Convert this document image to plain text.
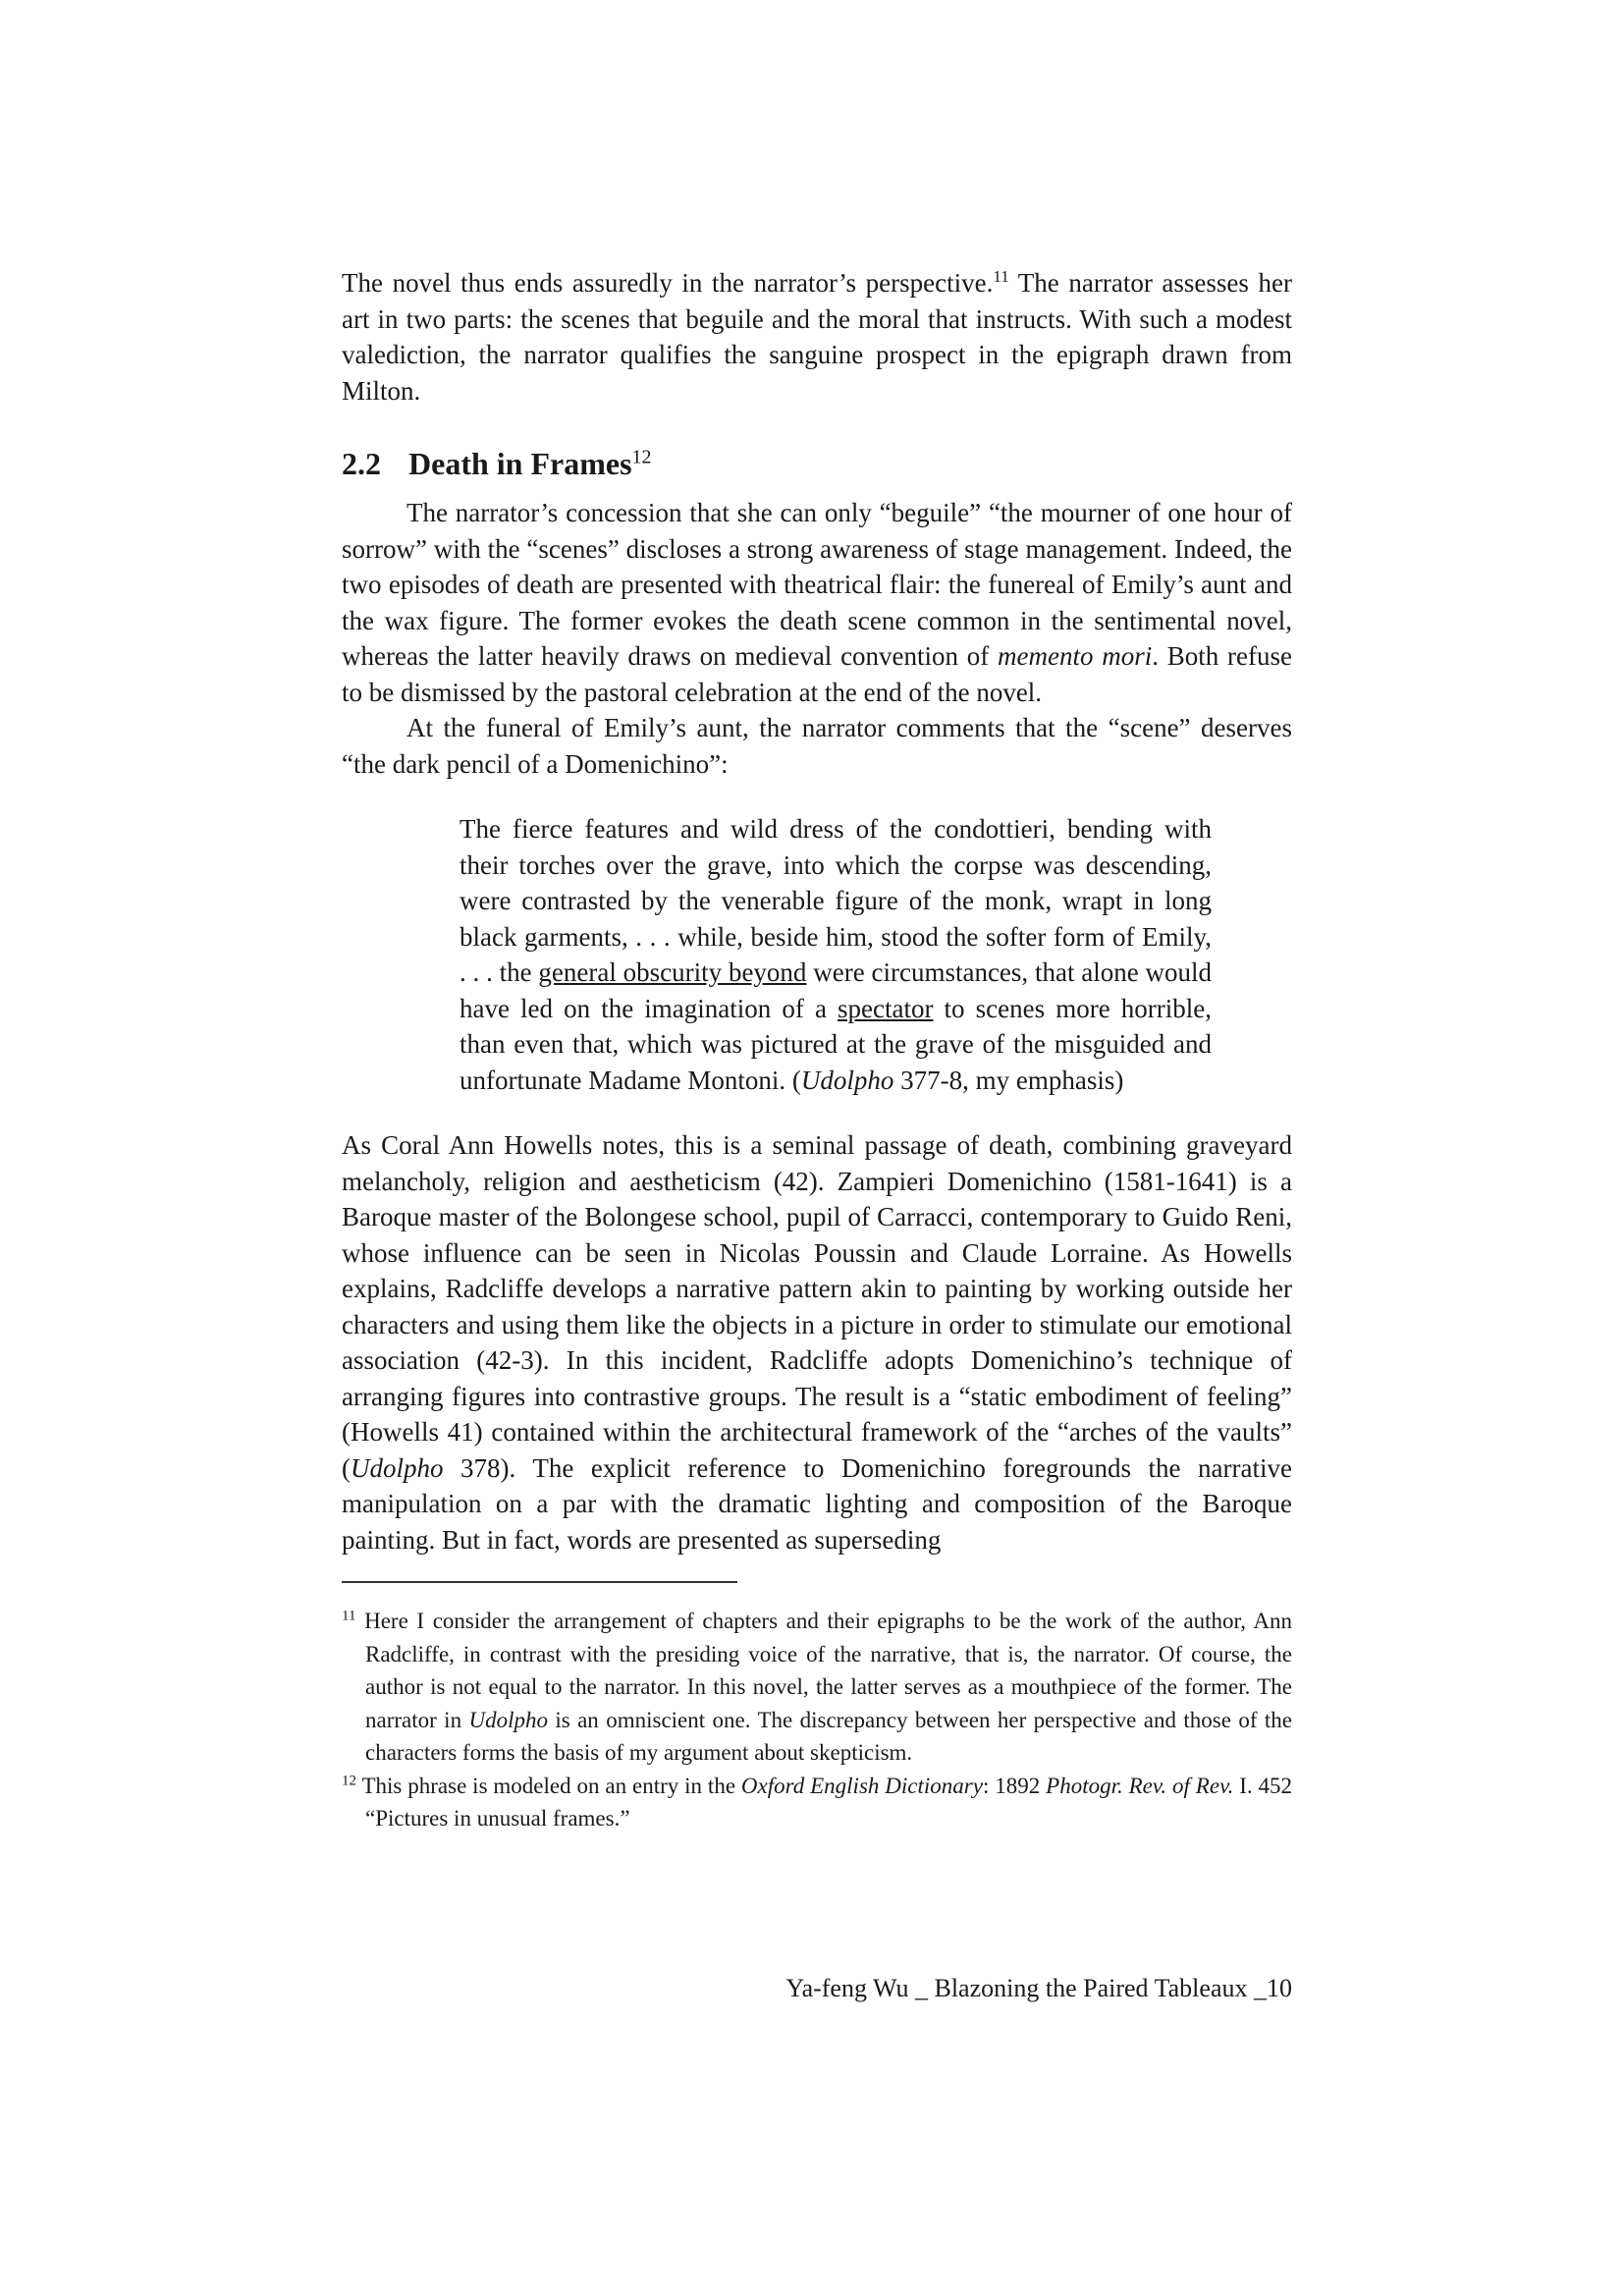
The novel thus ends assuredly in the narrator’s perspective.$^{11}$ The narrator assesses her art in two parts: the scenes that beguile and the moral that instructs. With such a modest valediction, the narrator qualifies the sanguine prospect in the epigraph drawn from Milton.

2.2 Death in Frames$^{12}$

The narrator’s concession that she can only “beguile” “the mourner of one hour of sorrow” with the “scenes” discloses a strong awareness of stage management. Indeed, the two episodes of death are presented with theatrical flair: the funereal of Emily’s aunt and the wax figure. The former evokes the death scene common in the sentimental novel, whereas the latter heavily draws on medieval convention of memento mori. Both refuse to be dismissed by the pastoral celebration at the end of the novel.

At the funeral of Emily’s aunt, the narrator comments that the “scene” deserves “the dark pencil of a Domenichino”:

The fierce features and wild dress of the condottieri, bending with their torches over the grave, into which the corpse was descending, were contrasted by the venerable figure of the monk, wrapt in long black garments, . . . while, beside him, stood the softer form of Emily, . . . the general obscurity beyond were circumstances, that alone would have led on the imagination of a spectator to scenes more horrible, than even that, which was pictured at the grave of the misguided and unfortunate Madame Montoni. (Udolpho 377-8, my emphasis)

As Coral Ann Howells notes, this is a seminal passage of death, combining graveyard melancholy, religion and aestheticism (42). Zampieri Domenichino (1581-1641) is a Baroque master of the Bolongese school, pupil of Carracci, contemporary to Guido Reni, whose influence can be seen in Nicolas Poussin and Claude Lorraine. As Howells explains, Radcliffe develops a narrative pattern akin to painting by working outside her characters and using them like the objects in a picture in order to stimulate our emotional association (42-3). In this incident, Radcliffe adopts Domenichino’s technique of arranging figures into contrastive groups. The result is a “static embodiment of feeling” (Howells 41) contained within the architectural framework of the “arches of the vaults” (Udolpho 378). The explicit reference to Domenichino foregrounds the narrative manipulation on a par with the dramatic lighting and composition of the Baroque painting. But in fact, words are presented as superseding

$^{11}$ Here I consider the arrangement of chapters and their epigraphs to be the work of the author, Ann Radcliffe, in contrast with the presiding voice of the narrative, that is, the narrator. Of course, the author is not equal to the narrator. In this novel, the latter serves as a mouthpiece of the former. The narrator in Udolpho is an omniscient one. The discrepancy between her perspective and those of the characters forms the basis of my argument about skepticism.

$^{12}$ This phrase is modeled on an entry in the Oxford English Dictionary: 1892 Photogr. Rev. of Rev. I. 452 “Pictures in unusual frames.”

Ya-feng Wu _ Blazoning the Paired Tableaux _10
